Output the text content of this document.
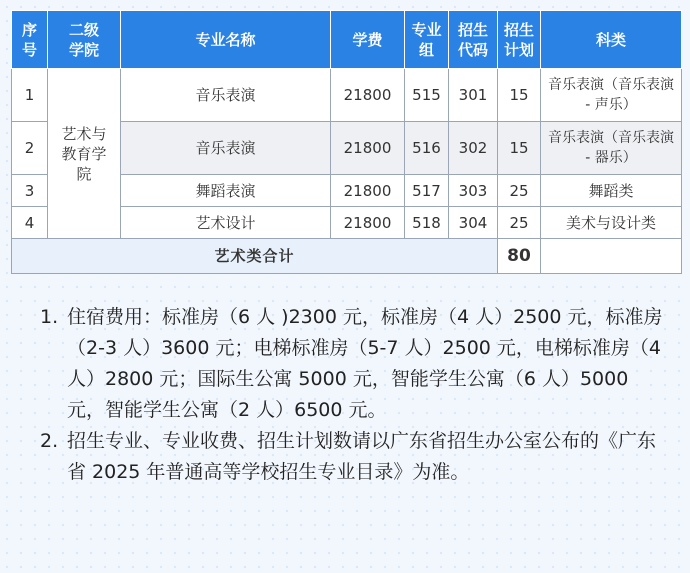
序号	二级学院	专业名称	学费	专业组	招生代码	招生计划	科类
1	艺术与教育学院	音乐表演	21800	515	301	15	音乐表演（音乐表演 - 声乐）
2		音乐表演	21800	516	302	15	音乐表演（音乐表演 - 器乐）
3		舞蹈表演	21800	517	303	25	舞蹈类
4		艺术设计	21800	518	304	25	美术与设计类
艺术类合计						80	
1. 住宿费用：标准房（6 人 )2300 元，标准房（4 人）2500 元，标准房（2-3 人）3600 元；电梯标准房（5-7 人）2500 元，电梯标准房（4 人）2800 元；国际生公寓 5000 元，智能学生公寓（6 人）5000 元，智能学生公寓（2 人）6500 元。
2. 招生专业、专业收费、招生计划数请以广东省招生办公室公布的《广东省 2025 年普通高等学校招生专业目录》为准。
